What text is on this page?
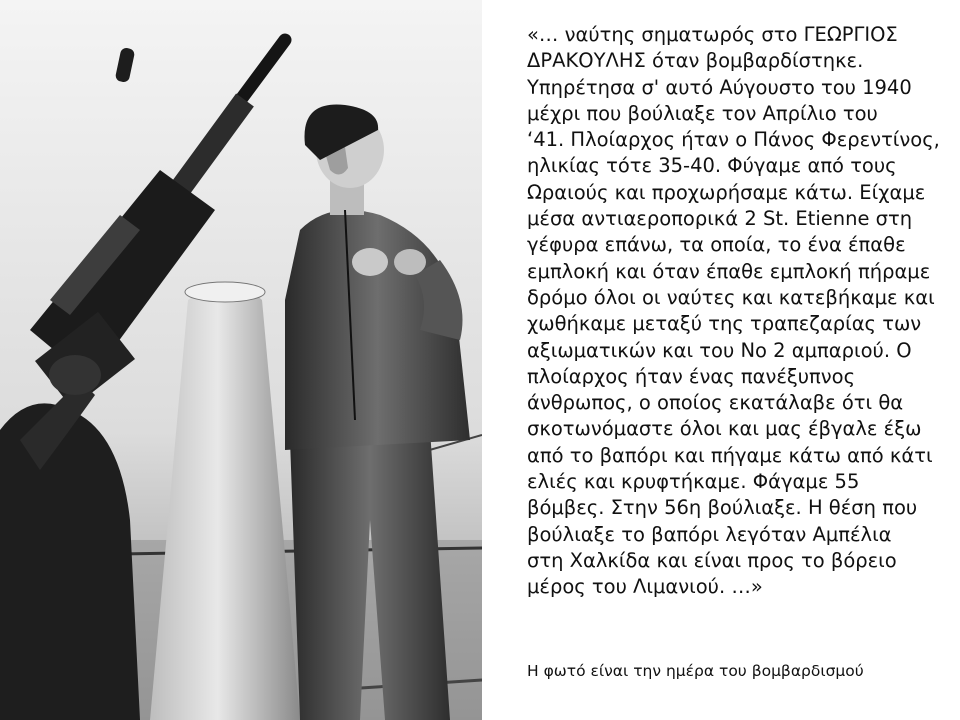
«… ναύτης σηματωρός στο ΓΕΩΡΓΙΟΣ
ΔΡΑΚΟΥΛΗΣ όταν βομβαρδίστηκε.
Υπηρέτησα σ' αυτό Αύγουστο του 1940
μέχρι που βούλιαξε τον Απρίλιο του
‘41. Πλοίαρχος ήταν ο Πάνος Φερεντίνος,
ηλικίας τότε 35-40. Φύγαμε από τους
Ωραιούς και προχωρήσαμε κάτω. Είχαμε
μέσα αντιαεροπορικά 2 St. Etienne στη
γέφυρα επάνω, τα οποία, το ένα έπαθε
εμπλοκή και όταν έπαθε εμπλοκή πήραμε
δρόμο όλοι οι ναύτες και κατεβήκαμε και
χωθήκαμε μεταξύ της τραπεζαρίας των
αξιωματικών και του Νο 2 αμπαριού. Ο
πλοίαρχος ήταν ένας πανέξυπνος
άνθρωπος, ο οποίος εκατάλαβε ότι θα
σκοτωνόμαστε όλοι και μας έβγαλε έξω
από το βαπόρι και πήγαμε κάτω από κάτι
ελιές και κρυφτήκαμε. Φάγαμε 55
βόμβες. Στην 56η βούλιαξε. Η θέση που
βούλιαξε το βαπόρι λεγόταν Αμπέλια
στη Χαλκίδα και είναι προς το βόρειο
μέρος του Λιμανιού. …»
Η φωτό είναι την ημέρα του βομβαρδισμού
